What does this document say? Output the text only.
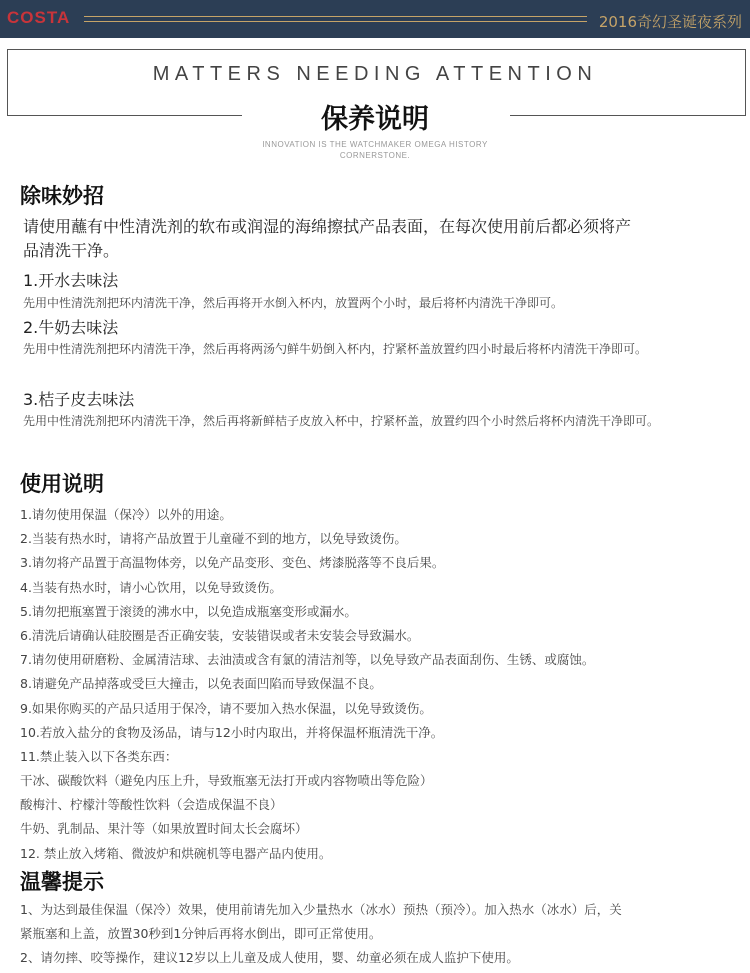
COSTA	2016奇幻圣诞夜系列
MATTERS NEEDING ATTENTION
保养说明
INNOVATION IS THE WATCHMAKER OMEGA HISTORY
CORNERSTONE.
除味妙招
请使用蘸有中性清洗剂的软布或润湿的海绵擦拭产品表面，在每次使用前后都必须将产
品清洗干净。
1.开水去味法
先用中性清洗剂把环内清洗干净，然后再将开水倒入杯内，放置两个小时，最后将杯内清洗干净即可。
2.牛奶去味法
先用中性清洗剂把环内清洗干净，然后再将两汤勺鲜牛奶倒入杯内，拧紧杯盖放置约四小时最后将杯内清洗干净即可。
3.桔子皮去味法
先用中性清洗剂把环内清洗干净，然后再将新鲜桔子皮放入杯中，拧紧杯盖，放置约四个小时然后将杯内清洗干净即可。
使用说明
1.请勿使用保温（保冷）以外的用途。
2.当装有热水时，请将产品放置于儿童碰不到的地方，以免导致烫伤。
3.请勿将产品置于高温物体旁，以免产品变形、变色、烤漆脱落等不良后果。
4.当装有热水时，请小心饮用，以免导致烫伤。
5.请勿把瓶塞置于滚烫的沸水中，以免造成瓶塞变形或漏水。
6.清洗后请确认硅胶圈是否正确安装，安装错误或者未安装会导致漏水。
7.请勿使用研磨粉、金属清洁球、去油渍或含有氯的清洁剂等，以免导致产品表面刮伤、生锈、或腐蚀。
8.请避免产品掉落或受巨大撞击，以免表面凹陷而导致保温不良。
9.如果你购买的产品只适用于保冷，请不要加入热水保温，以免导致烫伤。
10.若放入盐分的食物及汤品，请与12小时内取出，并将保温杯瓶清洗干净。
11.禁止装入以下各类东西：
干冰、碳酸饮料（避免内压上升，导致瓶塞无法打开或内容物喷出等危险）
酸梅汁、柠檬汁等酸性饮料（会造成保温不良）
牛奶、乳制品、果汁等（如果放置时间太长会腐坏）
12. 禁止放入烤箱、微波炉和烘碗机等电器产品内使用。
温馨提示
1、为达到最佳保温（保冷）效果，使用前请先加入少量热水（冰水）预热（预冷）。加入热水（冰水）后，关
紧瓶塞和上盖，放置30秒到1分钟后再将水倒出，即可正常使用。
2、请勿摔、咬等操作，建议12岁以上儿童及成人使用，婴、幼童必须在成人监护下使用。
